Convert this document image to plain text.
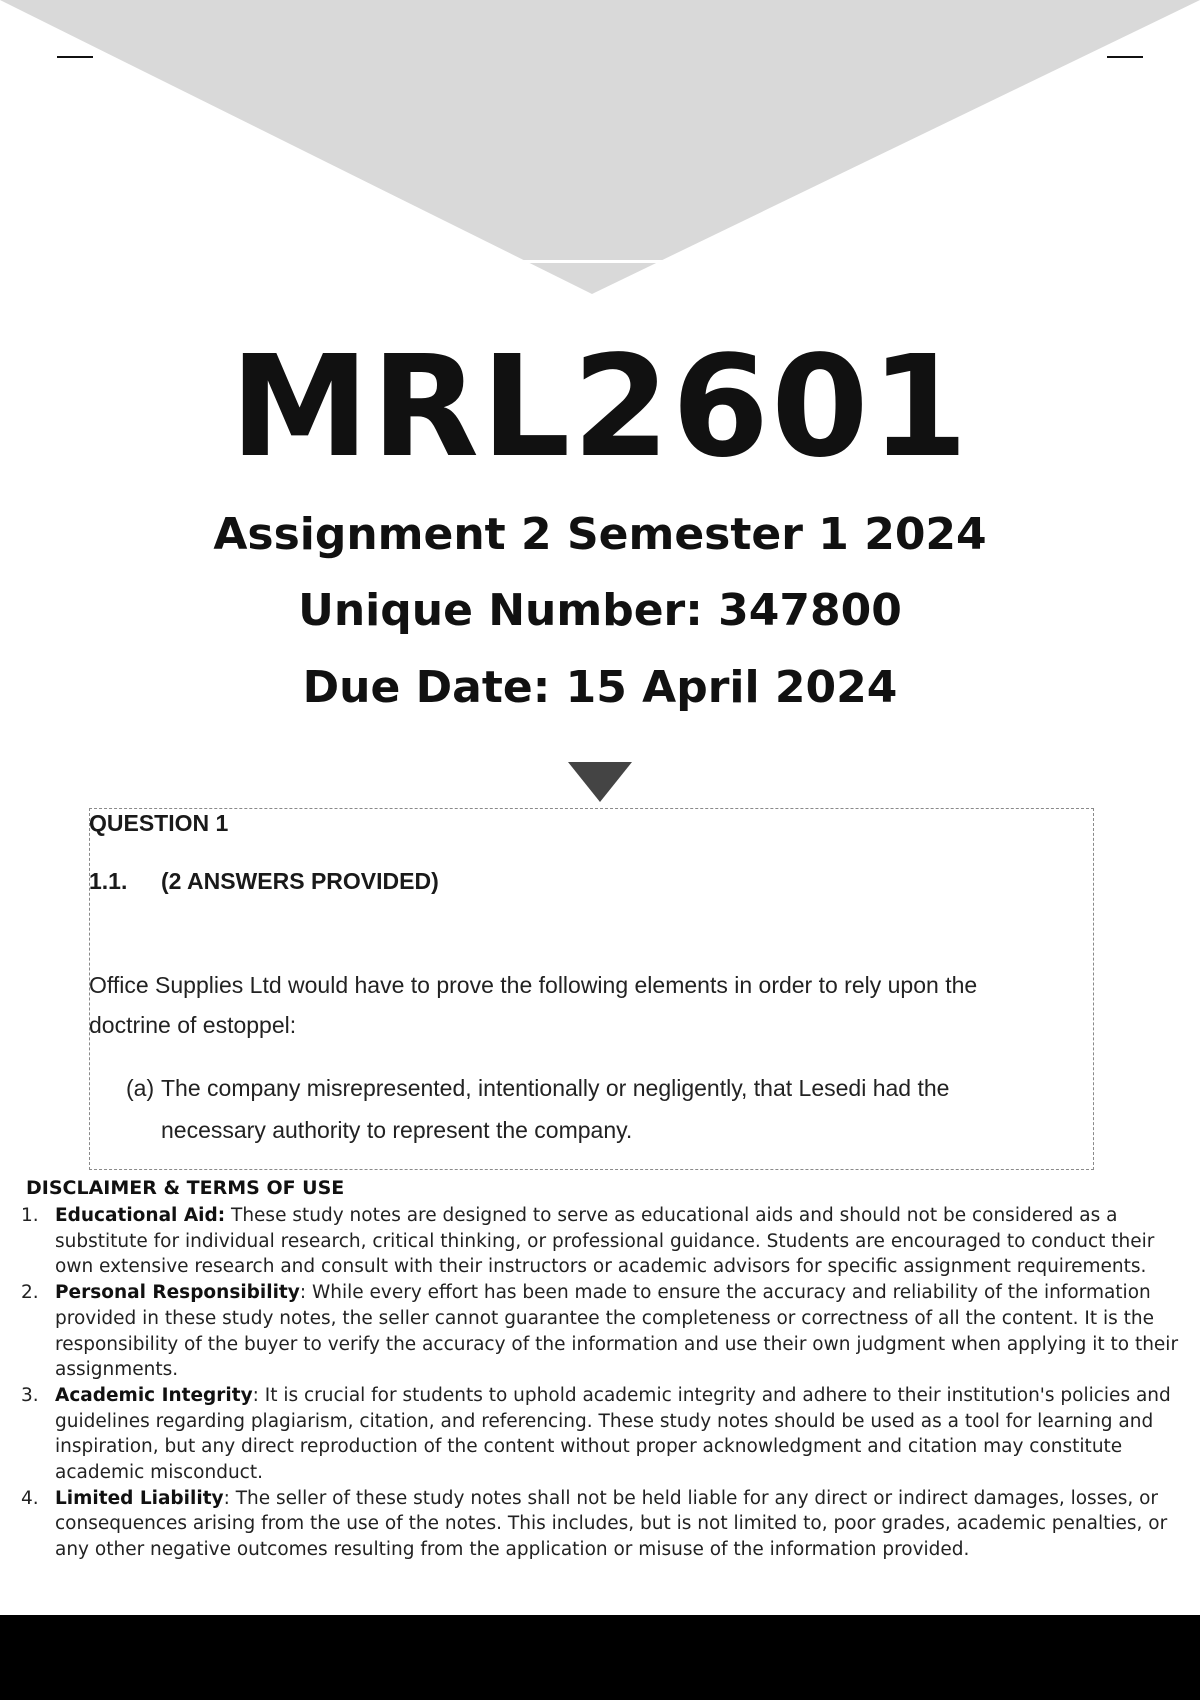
MRL2601
Assignment 2 Semester 1 2024
Unique Number: 347800
Due Date: 15 April 2024
QUESTION 1
1.1. (2 ANSWERS PROVIDED)
Office Supplies Ltd would have to prove the following elements in order to rely upon the doctrine of estoppel:
(a) The company misrepresented, intentionally or negligently, that Lesedi had the necessary authority to represent the company.
DISCLAIMER & TERMS OF USE
1. Educational Aid: These study notes are designed to serve as educational aids and should not be considered as a substitute for individual research, critical thinking, or professional guidance. Students are encouraged to conduct their own extensive research and consult with their instructors or academic advisors for specific assignment requirements.
2. Personal Responsibility: While every effort has been made to ensure the accuracy and reliability of the information provided in these study notes, the seller cannot guarantee the completeness or correctness of all the content. It is the responsibility of the buyer to verify the accuracy of the information and use their own judgment when applying it to their assignments.
3. Academic Integrity: It is crucial for students to uphold academic integrity and adhere to their institution's policies and guidelines regarding plagiarism, citation, and referencing. These study notes should be used as a tool for learning and inspiration, but any direct reproduction of the content without proper acknowledgment and citation may constitute academic misconduct.
4. Limited Liability: The seller of these study notes shall not be held liable for any direct or indirect damages, losses, or consequences arising from the use of the notes. This includes, but is not limited to, poor grades, academic penalties, or any other negative outcomes resulting from the application or misuse of the information provided.
